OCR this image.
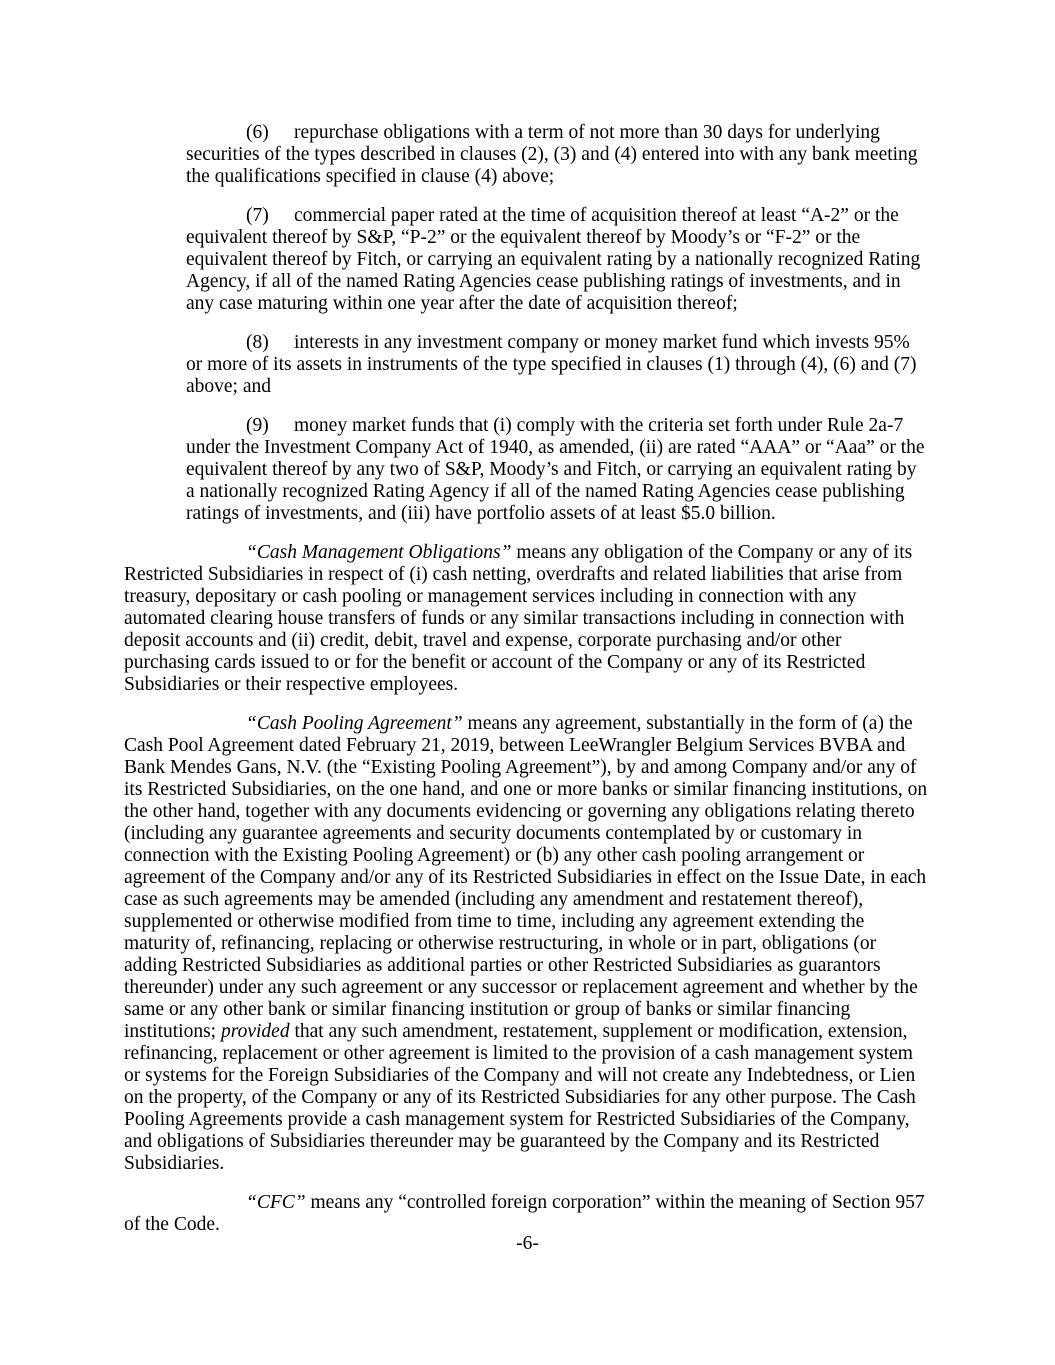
(6) repurchase obligations with a term of not more than 30 days for underlying securities of the types described in clauses (2), (3) and (4) entered into with any bank meeting the qualifications specified in clause (4) above;

(7) commercial paper rated at the time of acquisition thereof at least “A-2” or the equivalent thereof by S&P, “P-2” or the equivalent thereof by Moody’s or “F-2” or the equivalent thereof by Fitch, or carrying an equivalent rating by a nationally recognized Rating Agency, if all of the named Rating Agencies cease publishing ratings of investments, and in any case maturing within one year after the date of acquisition thereof;

(8) interests in any investment company or money market fund which invests 95% or more of its assets in instruments of the type specified in clauses (1) through (4), (6) and (7) above; and

(9) money market funds that (i) comply with the criteria set forth under Rule 2a-7 under the Investment Company Act of 1940, as amended, (ii) are rated “AAA” or “Aaa” or the equivalent thereof by any two of S&P, Moody’s and Fitch, or carrying an equivalent rating by a nationally recognized Rating Agency if all of the named Rating Agencies cease publishing ratings of investments, and (iii) have portfolio assets of at least $5.0 billion.

“Cash Management Obligations” means any obligation of the Company or any of its Restricted Subsidiaries in respect of (i) cash netting, overdrafts and related liabilities that arise from treasury, depositary or cash pooling or management services including in connection with any automated clearing house transfers of funds or any similar transactions including in connection with deposit accounts and (ii) credit, debit, travel and expense, corporate purchasing and/or other purchasing cards issued to or for the benefit or account of the Company or any of its Restricted Subsidiaries or their respective employees.

“Cash Pooling Agreement” means any agreement, substantially in the form of (a) the Cash Pool Agreement dated February 21, 2019, between LeeWrangler Belgium Services BVBA and Bank Mendes Gans, N.V. (the “Existing Pooling Agreement”), by and among Company and/or any of its Restricted Subsidiaries, on the one hand, and one or more banks or similar financing institutions, on the other hand, together with any documents evidencing or governing any obligations relating thereto (including any guarantee agreements and security documents contemplated by or customary in connection with the Existing Pooling Agreement) or (b) any other cash pooling arrangement or agreement of the Company and/or any of its Restricted Subsidiaries in effect on the Issue Date, in each case as such agreements may be amended (including any amendment and restatement thereof), supplemented or otherwise modified from time to time, including any agreement extending the maturity of, refinancing, replacing or otherwise restructuring, in whole or in part, obligations (or adding Restricted Subsidiaries as additional parties or other Restricted Subsidiaries as guarantors thereunder) under any such agreement or any successor or replacement agreement and whether by the same or any other bank or similar financing institution or group of banks or similar financing institutions; provided that any such amendment, restatement, supplement or modification, extension, refinancing, replacement or other agreement is limited to the provision of a cash management system or systems for the Foreign Subsidiaries of the Company and will not create any Indebtedness, or Lien on the property, of the Company or any of its Restricted Subsidiaries for any other purpose. The Cash Pooling Agreements provide a cash management system for Restricted Subsidiaries of the Company, and obligations of Subsidiaries thereunder may be guaranteed by the Company and its Restricted Subsidiaries.

“CFC” means any “controlled foreign corporation” within the meaning of Section 957 of the Code.

-6-
